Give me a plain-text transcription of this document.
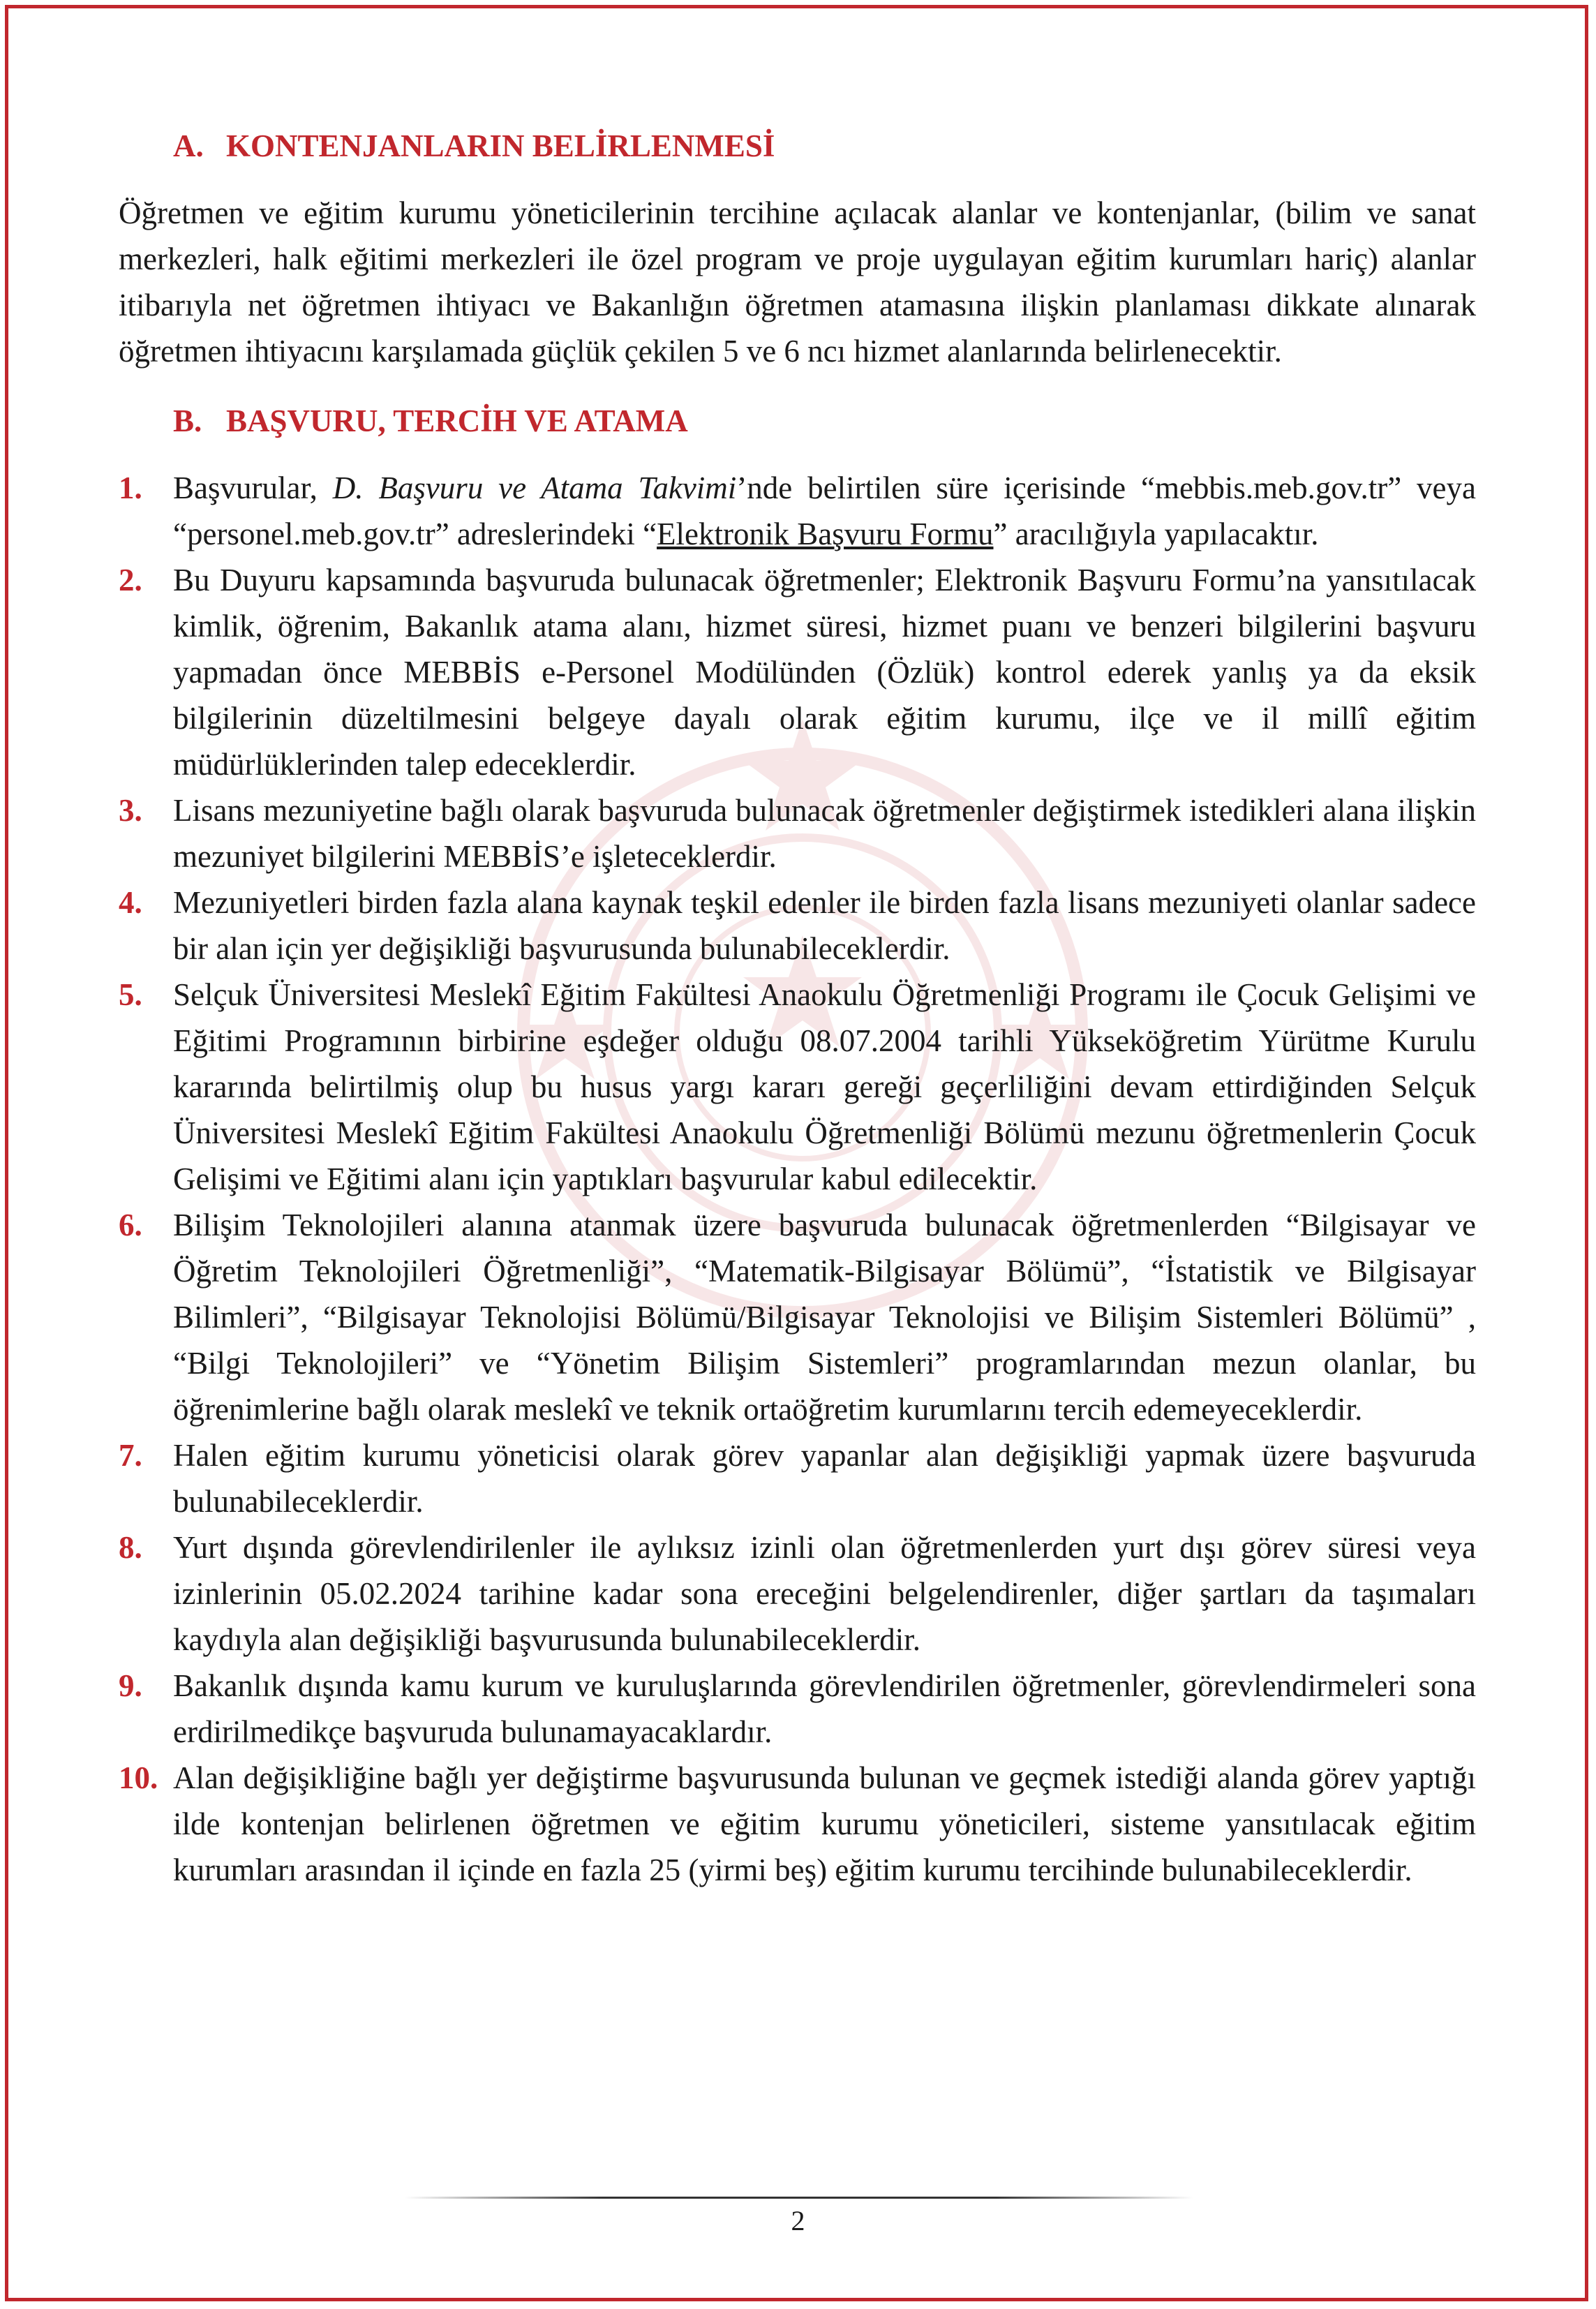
A. KONTENJANLARIN BELİRLENMESİ

Öğretmen ve eğitim kurumu yöneticilerinin tercihine açılacak alanlar ve kontenjanlar, (bilim ve sanat merkezleri, halk eğitimi merkezleri ile özel program ve proje uygulayan eğitim kurumları hariç) alanlar itibarıyla net öğretmen ihtiyacı ve Bakanlığın öğretmen atamasına ilişkin planlaması dikkate alınarak öğretmen ihtiyacını karşılamada güçlük çekilen 5 ve 6 ncı hizmet alanlarında belirlenecektir.

B. BAŞVURU, TERCİH VE ATAMA
1. Başvurular, D. Başvuru ve Atama Takvimi’nde belirtilen süre içerisinde “mebbis.meb.gov.tr” veya “personel.meb.gov.tr” adreslerindeki “Elektronik Başvuru Formu” aracılığıyla yapılacaktır.
2. Bu Duyuru kapsamında başvuruda bulunacak öğretmenler; Elektronik Başvuru Formu’na yansıtılacak kimlik, öğrenim, Bakanlık atama alanı, hizmet süresi, hizmet puanı ve benzeri bilgilerini başvuru yapmadan önce MEBBİS e-Personel Modülünden (Özlük) kontrol ederek yanlış ya da eksik bilgilerinin düzeltilmesini belgeye dayalı olarak eğitim kurumu, ilçe ve il millî eğitim müdürlüklerinden talep edeceklerdir.
3. Lisans mezuniyetine bağlı olarak başvuruda bulunacak öğretmenler değiştirmek istedikleri alana ilişkin mezuniyet bilgilerini MEBBİS’e işleteceklerdir.
4. Mezuniyetleri birden fazla alana kaynak teşkil edenler ile birden fazla lisans mezuniyeti olanlar sadece bir alan için yer değişikliği başvurusunda bulunabileceklerdir.
5. Selçuk Üniversitesi Meslekî Eğitim Fakültesi Anaokulu Öğretmenliği Programı ile Çocuk Gelişimi ve Eğitimi Programının birbirine eşdeğer olduğu 08.07.2004 tarihli Yükseköğretim Yürütme Kurulu kararında belirtilmiş olup bu husus yargı kararı gereği geçerliliğini devam ettirdiğinden Selçuk Üniversitesi Meslekî Eğitim Fakültesi Anaokulu Öğretmenliği Bölümü mezunu öğretmenlerin Çocuk Gelişimi ve Eğitimi alanı için yaptıkları başvurular kabul edilecektir.
6. Bilişim Teknolojileri alanına atanmak üzere başvuruda bulunacak öğretmenlerden “Bilgisayar ve Öğretim Teknolojileri Öğretmenliği”, “Matematik-Bilgisayar Bölümü”, “İstatistik ve Bilgisayar Bilimleri”, “Bilgisayar Teknolojisi Bölümü/Bilgisayar Teknolojisi ve Bilişim Sistemleri Bölümü” , “Bilgi Teknolojileri” ve “Yönetim Bilişim Sistemleri” programlarından mezun olanlar, bu öğrenimlerine bağlı olarak meslekî ve teknik ortaöğretim kurumlarını tercih edemeyeceklerdir.
7. Halen eğitim kurumu yöneticisi olarak görev yapanlar alan değişikliği yapmak üzere başvuruda bulunabileceklerdir.
8. Yurt dışında görevlendirilenler ile aylıksız izinli olan öğretmenlerden yurt dışı görev süresi veya izinlerinin 05.02.2024 tarihine kadar sona ereceğini belgelendirenler, diğer şartları da taşımaları kaydıyla alan değişikliği başvurusunda bulunabileceklerdir.
9. Bakanlık dışında kamu kurum ve kuruluşlarında görevlendirilen öğretmenler, görevlendirmeleri sona erdirilmedikçe başvuruda bulunamayacaklardır.
10. Alan değişikliğine bağlı yer değiştirme başvurusunda bulunan ve geçmek istediği alanda görev yaptığı ilde kontenjan belirlenen öğretmen ve eğitim kurumu yöneticileri, sisteme yansıtılacak eğitim kurumları arasından il içinde en fazla 25 (yirmi beş) eğitim kurumu tercihinde bulunabileceklerdir.
2
